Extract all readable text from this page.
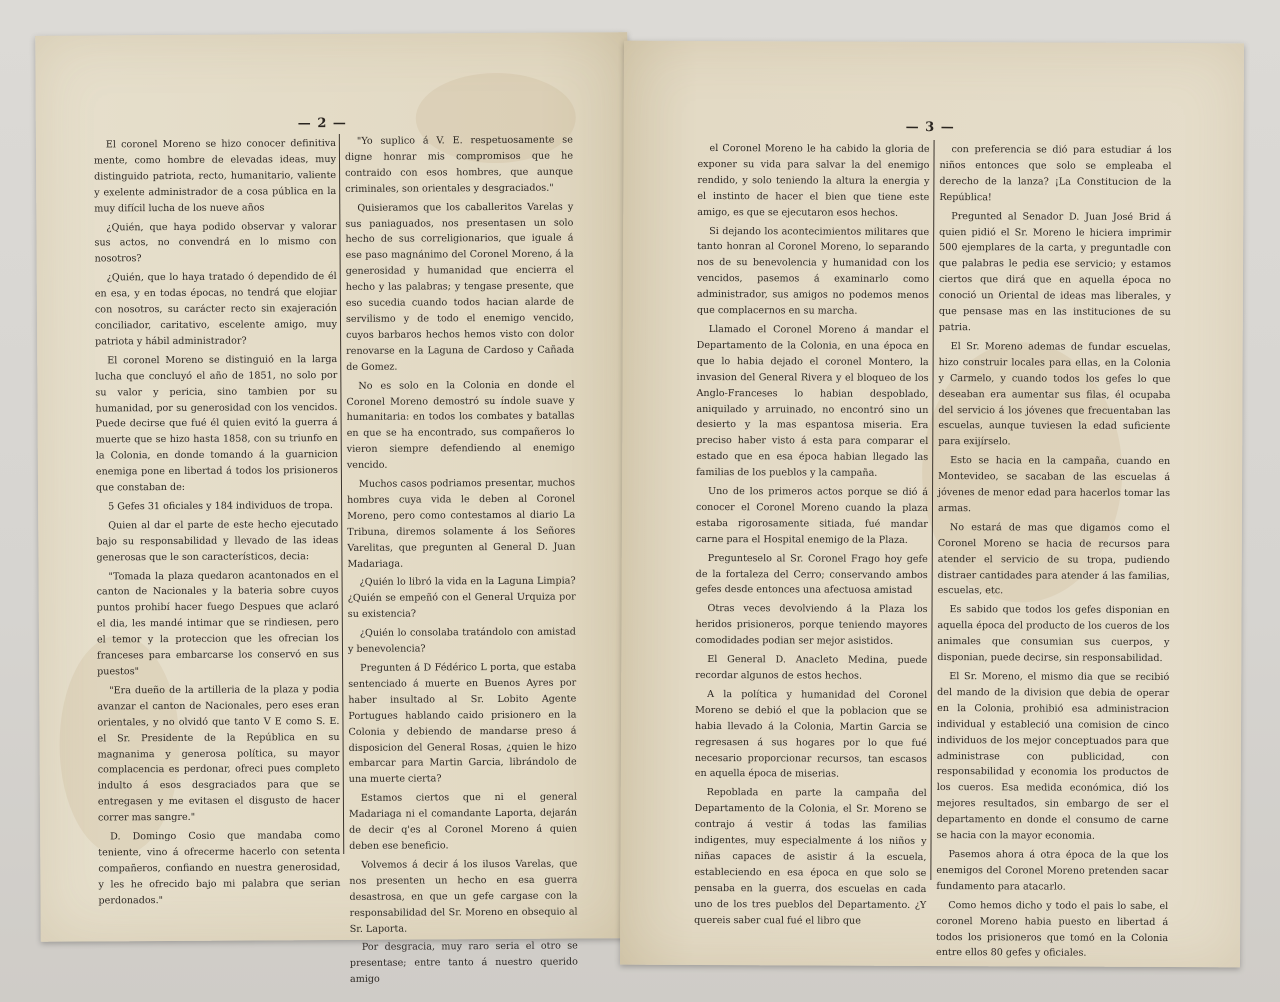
— 2 —

El coronel Moreno se hizo conocer definitiva mente, como hombre de elevadas ideas, muy distinguido patriota, recto, humanitario, valiente y exelente administrador de a cosa pública en la muy difícil lucha de los nueve años

¿Quién, que haya podido observar y valorar sus actos, no convendrá en lo mismo con nosotros?

¿Quién, que lo haya tratado ó dependido de él en esa, y en todas épocas, no tendrá que elojiar con nosotros, su carácter recto sin exajeración conciliador, caritativo, escelente amigo, muy patriota y hábil administrador?

El coronel Moreno se distinguió en la larga lucha que concluyó el año de 1851, no solo por su valor y pericia, sino tambien por su humanidad, por su generosidad con los vencidos. Puede decirse que fué él quien evitó la guerra á muerte que se hizo hasta 1858, con su triunfo en la Colonia, en donde tomando á la guarnicion enemiga pone en libertad á todos los prisioneros que constaban de:

5 Gefes 31 oficiales y 184 individuos de tropa.

Quien al dar el parte de este hecho ejecutado bajo su responsabilidad y llevado de las ideas generosas que le son característicos, decia:

"Tomada la plaza quedaron acantonados en el canton de Nacionales y la bateria sobre cuyos puntos prohibí hacer fuego Despues que aclaró el dia, les mandé intimar que se rindiesen, pero el temor y la proteccion que les ofrecian los franceses para embarcarse los conservó en sus puestos"

"Era dueño de la artilleria de la plaza y podia avanzar el canton de Nacionales, pero eses eran orientales, y no olvidó que tanto V E como S. E. el Sr. Presidente de la República en su magnanima y generosa política, su mayor complacencia es perdonar, ofreci pues completo indulto á esos desgraciados para que se entregasen y me evitasen el disgusto de hacer correr mas sangre."

D. Domingo Cosio que mandaba como teniente, vino á ofrecerme hacerlo con setenta compañeros, confiando en nuestra generosidad, y les he ofrecido bajo mi palabra que serian perdonados."

"Yo suplico á V. E. respetuosamente se digne honrar mis compromisos que he contraido con esos hombres, que aunque criminales, son orientales y desgraciados."

Quisieramos que los caballeritos Varelas y sus paniaguados, nos presentasen un solo hecho de sus correligionarios, que iguale á ese paso magnánimo del Coronel Moreno, á la generosidad y humanidad que encierra el hecho y las palabras; y tengase presente, que eso sucedia cuando todos hacian alarde de servilismo y de todo el enemigo vencido, cuyos barbaros hechos hemos visto con dolor renovarse en la Laguna de Cardoso y Cañada de Gomez.

No es solo en la Colonia en donde el Coronel Moreno demostró su índole suave y humanitaria: en todos los combates y batallas en que se ha encontrado, sus compañeros lo vieron siempre defendiendo al enemigo vencido.

Muchos casos podriamos presentar, muchos hombres cuya vida le deben al Coronel Moreno, pero como contestamos al diario La Tribuna, diremos solamente á los Señores Varelitas, que pregunten al General D. Juan Madariaga.

¿Quién lo libró la vida en la Laguna Limpia? ¿Quién se empeñó con el General Urquiza por su existencia?

¿Quién lo consolaba tratándolo con amistad y benevolencia?

Pregunten á D Fédérico L porta, que estaba sentenciado á muerte en Buenos Ayres por haber insultado al Sr. Lobito Agente Portugues hablando caido prisionero en la Colonia y debiendo de mandarse preso á disposicion del General Rosas, ¿quien le hizo embarcar para Martin Garcia, librándolo de una muerte cierta?

Estamos ciertos que ni el general Madariaga ni el comandante Laporta, dejarán de decir q'es al Coronel Moreno á quien deben ese beneficio.

Volvemos á decir á los ilusos Varelas, que nos presenten un hecho en esa guerra desastrosa, en que un gefe cargase con la responsabilidad del Sr. Moreno en obsequio al Sr. Laporta.

Por desgracia, muy raro seria el otro se presentase; entre tanto á nuestro querido amigo

— 3 —

el Coronel Moreno le ha cabido la gloria de exponer su vida para salvar la del enemigo rendido, y solo teniendo la altura la energia y el instinto de hacer el bien que tiene este amigo, es que se ejecutaron esos hechos.

Si dejando los acontecimientos militares que tanto honran al Coronel Moreno, lo separando nos de su benevolencia y humanidad con los vencidos, pasemos á examinarlo como administrador, sus amigos no podemos menos que complacernos en su marcha.

Llamado el Coronel Moreno á mandar el Departamento de la Colonia, en una época en que lo habia dejado el coronel Montero, la invasion del General Rivera y el bloqueo de los Anglo-Franceses lo habian despoblado, aniquilado y arruinado, no encontró sino un desierto y la mas espantosa miseria. Era preciso haber visto á esta para comparar el estado que en esa época habian llegado las familias de los pueblos y la campaña.

Uno de los primeros actos porque se dió á conocer el Coronel Moreno cuando la plaza estaba rigorosamente sitiada, fué mandar carne para el Hospital enemigo de la Plaza.

Pregunteselo al Sr. Coronel Frago hoy gefe de la fortaleza del Cerro; conservando ambos gefes desde entonces una afectuosa amistad

Otras veces devolviendo á la Plaza los heridos prisioneros, porque teniendo mayores comodidades podian ser mejor asistidos.

El General D. Anacleto Medina, puede recordar algunos de estos hechos.

A la política y humanidad del Coronel Moreno se debió el que la poblacion que se habia llevado á la Colonia, Martin Garcia se regresasen á sus hogares por lo que fué necesario proporcionar recursos, tan escasos en aquella época de miserias.

Repoblada en parte la campaña del Departamento de la Colonia, el Sr. Moreno se contrajo á vestir á todas las familias indigentes, muy especialmente á los niños y niñas capaces de asistir á la escuela, estableciendo en esa época en que solo se pensaba en la guerra, dos escuelas en cada uno de los tres pueblos del Departamento. ¿Y quereis saber cual fué el libro que

con preferencia se dió para estudiar á los niños entonces que solo se empleaba el derecho de la lanza? ¡La Constitucion de la República!

Pregunted al Senador D. Juan José Brid á quien pidió el Sr. Moreno le hiciera imprimir 500 ejemplares de la carta, y preguntadle con que palabras le pedia ese servicio; y estamos ciertos que dirá que en aquella época no conoció un Oriental de ideas mas liberales, y que pensase mas en las instituciones de su patria.

El Sr. Moreno ademas de fundar escuelas, hizo construir locales para ellas, en la Colonia y Carmelo, y cuando todos los gefes lo que deseaban era aumentar sus filas, él ocupaba del servicio á los jóvenes que frecuentaban las escuelas, aunque tuviesen la edad suficiente para exijírselo.

Esto se hacia en la campaña, cuando en Montevideo, se sacaban de las escuelas á jóvenes de menor edad para hacerlos tomar las armas.

No estará de mas que digamos como el Coronel Moreno se hacia de recursos para atender el servicio de su tropa, pudiendo distraer cantidades para atender á las familias, escuelas, etc.

Es sabido que todos los gefes disponian en aquella época del producto de los cueros de los animales que consumian sus cuerpos, y disponian, puede decirse, sin responsabilidad.

El Sr. Moreno, el mismo dia que se recibió del mando de la division que debia de operar en la Colonia, prohibió esa administracion individual y estableció una comision de cinco individuos de los mejor conceptuados para que administrase con publicidad, con responsabilidad y economia los productos de los cueros. Esa medida económica, dió los mejores resultados, sin embargo de ser el departamento en donde el consumo de carne se hacia con la mayor economia.

Pasemos ahora á otra época de la que los enemigos del Coronel Moreno pretenden sacar fundamento para atacarlo.

Como hemos dicho y todo el pais lo sabe, el coronel Moreno habia puesto en libertad á todos los prisioneros que tomó en la Colonia entre ellos 80 gefes y oficiales.
